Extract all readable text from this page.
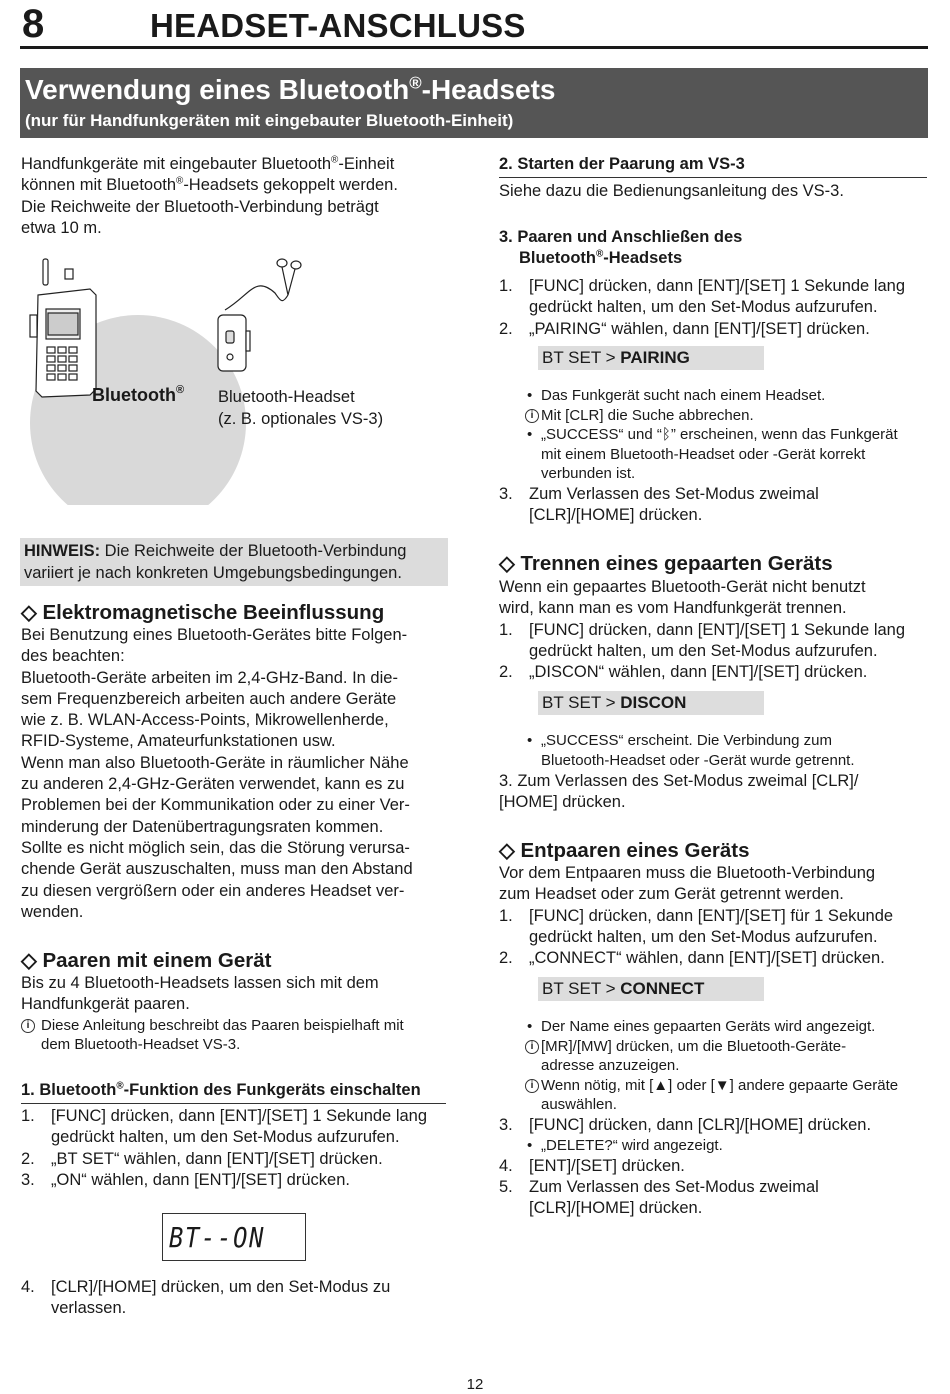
8	HEADSET-ANSCHLUSS
Verwendung eines Bluetooth®-Headsets
(nur für Handfunkgeräten mit eingebauter Bluetooth-Einheit)

Handfunkgeräte mit eingebauter Bluetooth®-Einheit

können mit Bluetooth®-Headsets gekoppelt werden.

Die Reichweite der Bluetooth-Verbindung beträgt

etwa 10 m.

Bluetooth® Bluetooth-Headset
(z. B. optionales VS-3)
HINWEIS: Die Reichweite der Bluetooth-Verbindung
variiert je nach konkreten Umgebungsbedingungen.
◇ Elektromagnetische Beeinflussung

Bei Benutzung eines Bluetooth-Gerätes bitte Folgen-

des beachten:

Bluetooth-Geräte arbeiten im 2,4-GHz-Band. In die-

sem Frequenzbereich arbeiten auch andere Geräte

wie z. B. WLAN-Access-Points, Mikrowellenherde,

RFID-Systeme, Amateurfunkstationen usw.

Wenn man also Bluetooth-Geräte in räumlicher Nähe

zu anderen 2,4-GHz-Geräten verwendet, kann es zu

Problemen bei der Kommunikation oder zu einer Ver-

minderung der Datenübertragungsraten kommen.

Sollte es nicht möglich sein, das die Störung verursa-

chende Gerät auszuschalten, muss man den Abstand

zu diesen vergrößern oder ein anderes Headset ver-

wenden.

◇ Paaren mit einem Gerät

Bis zu 4 Bluetooth-Headsets lassen sich mit dem

Handfunkgerät paaren.

i Diese Anleitung beschreibt das Paaren beispielhaft mit

dem Bluetooth-Headset VS-3.

1. Bluetooth®-Funktion des Funkgeräts einschalten
1. [FUNC] drücken, dann [ENT]/[SET] 1 Sekunde lang
gedrückt halten, um den Set-Modus aufzurufen.
2. „BT SET“ wählen, dann [ENT]/[SET] drücken.
3. „ON“ wählen, dann [ENT]/[SET] drücken.
BT--ON
4. [CLR]/[HOME] drücken, um den Set-Modus zu
verlassen.
2. Starten der Paarung am VS-3
Siehe dazu die Bedienungsanleitung des VS-3.
3. Paaren und Anschließen des
Bluetooth®-Headsets
1. [FUNC] drücken, dann [ENT]/[SET] 1 Sekunde lang
gedrückt halten, um den Set-Modus aufzurufen.
2. „PAIRING“ wählen, dann [ENT]/[SET] drücken.
BT SET > PAIRING
• Das Funkgerät sucht nach einem Headset.
i Mit [CLR] die Suche abbrechen.
• „SUCCESS“ und “ᛒ” erscheinen, wenn das Funkgerät
mit einem Bluetooth-Headset oder -Gerät korrekt
verbunden ist.
3. Zum Verlassen des Set-Modus zweimal
[CLR]/[HOME] drücken.
◇ Trennen eines gepaarten Geräts

Wenn ein gepaartes Bluetooth-Gerät nicht benutzt

wird, kann man es vom Handfunkgerät trennen.

1. [FUNC] drücken, dann [ENT]/[SET] 1 Sekunde lang
gedrückt halten, um den Set-Modus aufzurufen.
2. „DISCON“ wählen, dann [ENT]/[SET] drücken.
BT SET > DISCON
• „SUCCESS“ erscheint. Die Verbindung zum
Bluetooth-Headset oder -Gerät wurde getrennt.

3. Zum Verlassen des Set-Modus zweimal [CLR]/

[HOME] drücken.

◇ Entpaaren eines Geräts

Vor dem Entpaaren muss die Bluetooth-Verbindung

zum Headset oder zum Gerät getrennt werden.

1. [FUNC] drücken, dann [ENT]/[SET] für 1 Sekunde
gedrückt halten, um den Set-Modus aufzurufen.
2. „CONNECT“ wählen, dann [ENT]/[SET] drücken.
BT SET > CONNECT
• Der Name eines gepaarten Geräts wird angezeigt.
i [MR]/[MW] drücken, um die Bluetooth-Geräte-
adresse anzuzeigen.
i Wenn nötig, mit [▲] oder [▼] andere gepaarte Geräte
auswählen.
3. [FUNC] drücken, dann [CLR]/[HOME] drücken.
• „DELETE?“ wird angezeigt.
4. [ENT]/[SET] drücken.
5. Zum Verlassen des Set-Modus zweimal
[CLR]/[HOME] drücken.
12
